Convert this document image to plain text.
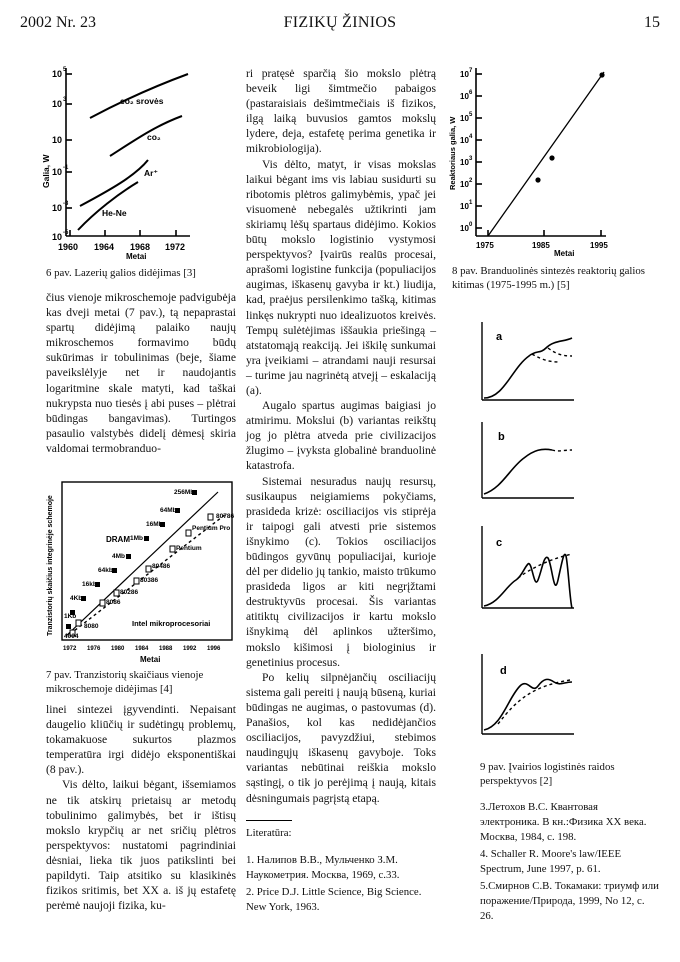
2002 Nr. 23	FIZIKŲ ŽINIOS	15
10 5
10 3
10
10 -1
10 -3
10 -5
1960 1964 1968 1972
Metai
co₂ srovės
co₂
Ar⁺
He-Ne
Galia, W
6 pav. Lazerių galios didėjimas [3]
10 7
10 6
10 5
10 4
10 3
10 2
10 1
10 0
1975	1985	1995
Metai
Reaktoriaus galia, W
8 pav. Branduolinės sintezės reaktorių galios kitimas (1975-1995 m.) [5]
a
b
c
d
9 pav. Įvairios logistinės raidos perspektyvos [2]
256Mb
64Mb
16Mb
1Mb
4Mb
64kb
16kb
4Kb
1Kb
DRAM
80786
Pentium Pro
Pentium
80486
80386
80286
8086
8080
4004
Intel mikroprocesoriai
1972 1976 1980 1984 1988 1992 1996
Metai
Tranzistorių skaičius integrinėje schemoje
7 pav. Tranzistorių skaičiaus vienoje mikroschemoje didėjimas [4]

čius vienoje mikroschemoje padvigubėja kas dveji metai (7 pav.), tą nepaprastai spartų didėjimą palaiko naujų mikroschemos formavimo būdų sukūrimas ir tobulinimas (beje, šiame paveikslėlyje net ir naudojantis logaritmine skale matyti, kad taškai nukrypsta nuo tiesės į abi puses – plėtrai būdingas bangavimas). Turtingos pasaulio valstybės didelį dėmesį skiria valdomai termobranduo-

linei sintezei įgyvendinti. Nepaisant daugelio kliūčių ir sudėtingų problemų, tokamakuose sukurtos plazmos temperatūra irgi didėjo eksponentiškai (8 pav.).

Vis dėlto, laikui bėgant, išsemiamos ne tik atskirų prietaisų ar metodų tobulinimo galimybės, bet ir ištisų mokslo krypčių ar net sričių plėtros perspektyvos: nustatomi pagrindiniai dėsniai, lieka tik juos patikslinti bei papildyti. Taip atsitiko su klasikinės fizikos sritimis, bet XX a. iš jų estafetę perėmė naujoji fizika, ku-

ri pratęsė sparčią šio mokslo plėtrą beveik ligi šimtmečio pabaigos (pastaraisiais dešimtmečiais iš fizikos, ilgą laiką buvusios gamtos mokslų lydere, deja, estafetę perima genetika ir mikrobiologija).

Vis dėlto, matyt, ir visas mokslas laikui bėgant ims vis labiau susidurti su ribotomis plėtros galimybėmis, ypač jei visuomenė nebegalės užtikrinti jam skiriamų lėšų spartaus didėjimo. Kokios būtų mokslo logistinio vystymosi perspektyvos? Įvairūs realūs procesai, aprašomi logistine funkcija (populiacijos augimas, iškasenų gavyba ir kt.) liudija, kad, praėjus persilenkimo tašką, kitimas linkęs nukrypti nuo idealizuotos kreivės. Tempų sulėtėjimas iššaukia priešingą – atstatomąją reakciją. Jei iškilę sunkumai yra įveikiami – atrandami nauji resursai – turime jau nagrinėtą atvejį – eskalaciją (a).

Augalo spartus augimas baigiasi jo atmirimu. Mokslui (b) variantas reikštų jog jo plėtra atveda prie civilizacijos žlugimo – įvyksta globalinė branduolinė katastrofa.

Sistemai nesuradus naujų resursų, susikaupus neigiamiems pokyčiams, prasideda krizė: osciliacijos vis stiprėja ir taipogi gali atvesti prie sistemos išnykimo (c). Tokios osciliacijos būdingos gyvūnų populiacijai, kurioje dėl per didelio jų tankio, maisto trūkumo prasideda ligos ar kiti negrįžtami destruktyvūs procesai. Šis variantas atitiktų civilizacijos ir kartu mokslo išnykimą dėl aplinkos užteršimo, mokslo kišimosi į biologinius ir genetinius procesus.

Po kelių silpnėjančių osciliacijų sistema gali pereiti į naują būseną, kuriai būdingas ne augimas, o pastovumas (d). Panašios, kol kas nedidėjančios osciliacijos, pavyzdžiui, stebimos naudingųjų iškasenų gavyboje. Toks variantas nebūtinai reiškia mokslo sąstingį, o tik jo perėjimą į naują, kitais dėsningumais pagrįstą etapą.

Literatūra:

1. Налипов В.В., Мульченко З.М. Наукометрия. Москва, 1969, с.33.

2. Price D.J. Little Science, Big Science. New York, 1963.

3.Летохов В.С. Квантовая электроника. В кн.:Физика XX века. Москва, 1984, с. 198.

4. Schaller R. Moore's law/IEEE Spectrum, June 1997, p. 61.

5.Смирнов С.В. Токамаки: триумф или поражение/Природа, 1999, No 12, с. 26.
